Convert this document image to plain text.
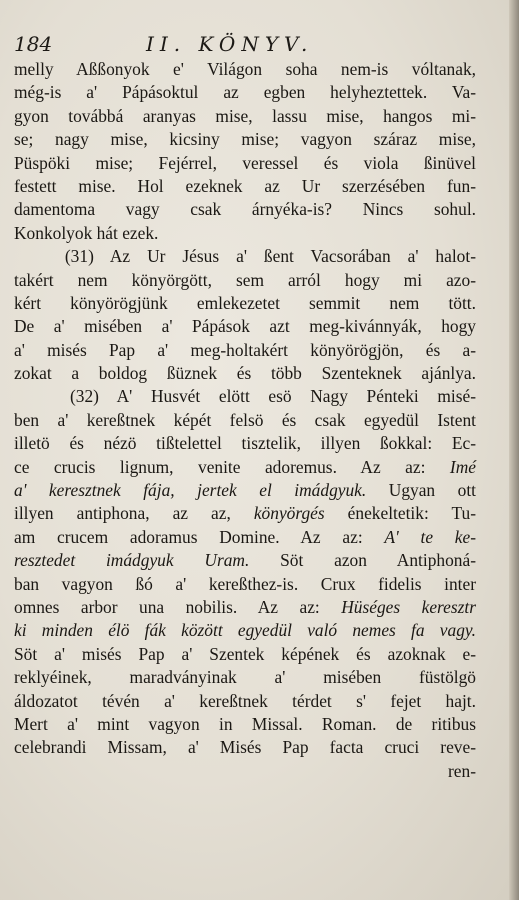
184	II. KÖNYV.
melly Aßßonyok e' Világon soha nem-is vóltanak,
még-is a' Pápásoktul az egben helyheztettek. Va-
gyon továbbá aranyas mise, lassu mise, hangos mi-
se; nagy mise, kicsiny mise; vagyon száraz mise,
Püspöki mise; Fejérrel, veressel és viola ßinüvel
festett mise. Hol ezeknek az Ur szerzésében fun-
damentoma vagy csak árnyéka-is? Nincs sohul.
Konkolyok hát ezek.
(31) Az Ur Jésus a' ßent Vacsorában a' halot-
takért nem könyörgött, sem arról hogy mi azo-
kért könyörögjünk emlekezetet semmit nem tött.
De a' misében a' Pápások azt meg-kivánnyák, hogy
a' misés Pap a' meg-holtakért könyörögjön, és a-
zokat a boldog ßüznek és több Szenteknek ajánlya.
(32) A' Husvét elött esö Nagy Pénteki misé-
ben a' kereßtnek képét felsö és csak egyedül Istent
illetö és nézö tißtelettel tisztelik, illyen ßokkal: Ec-
ce crucis lignum, venite adoremus. Az az: Imé
a' keresztnek fája, jertek el imádgyuk. Ugyan ott
illyen antiphona, az az, könyörgés énekeltetik: Tu-
am crucem adoramus Domine. Az az: A' te ke-
resztedet imádgyuk Uram. Söt azon Antiphoná-
ban vagyon ßó a' kereßthez-is. Crux fidelis inter
omnes arbor una nobilis. Az az: Hüséges keresztr
ki minden élö fák között egyedül való nemes fa vagy.
Söt a' misés Pap a' Szentek képének és azoknak e-
reklyéinek, maradványinak a' misében füstölgö
áldozatot tévén a' kereßtnek térdet s' fejet hajt.
Mert a' mint vagyon in Missal. Roman. de ritibus
celebrandi Missam, a' Misés Pap facta cruci reve-
ren-
